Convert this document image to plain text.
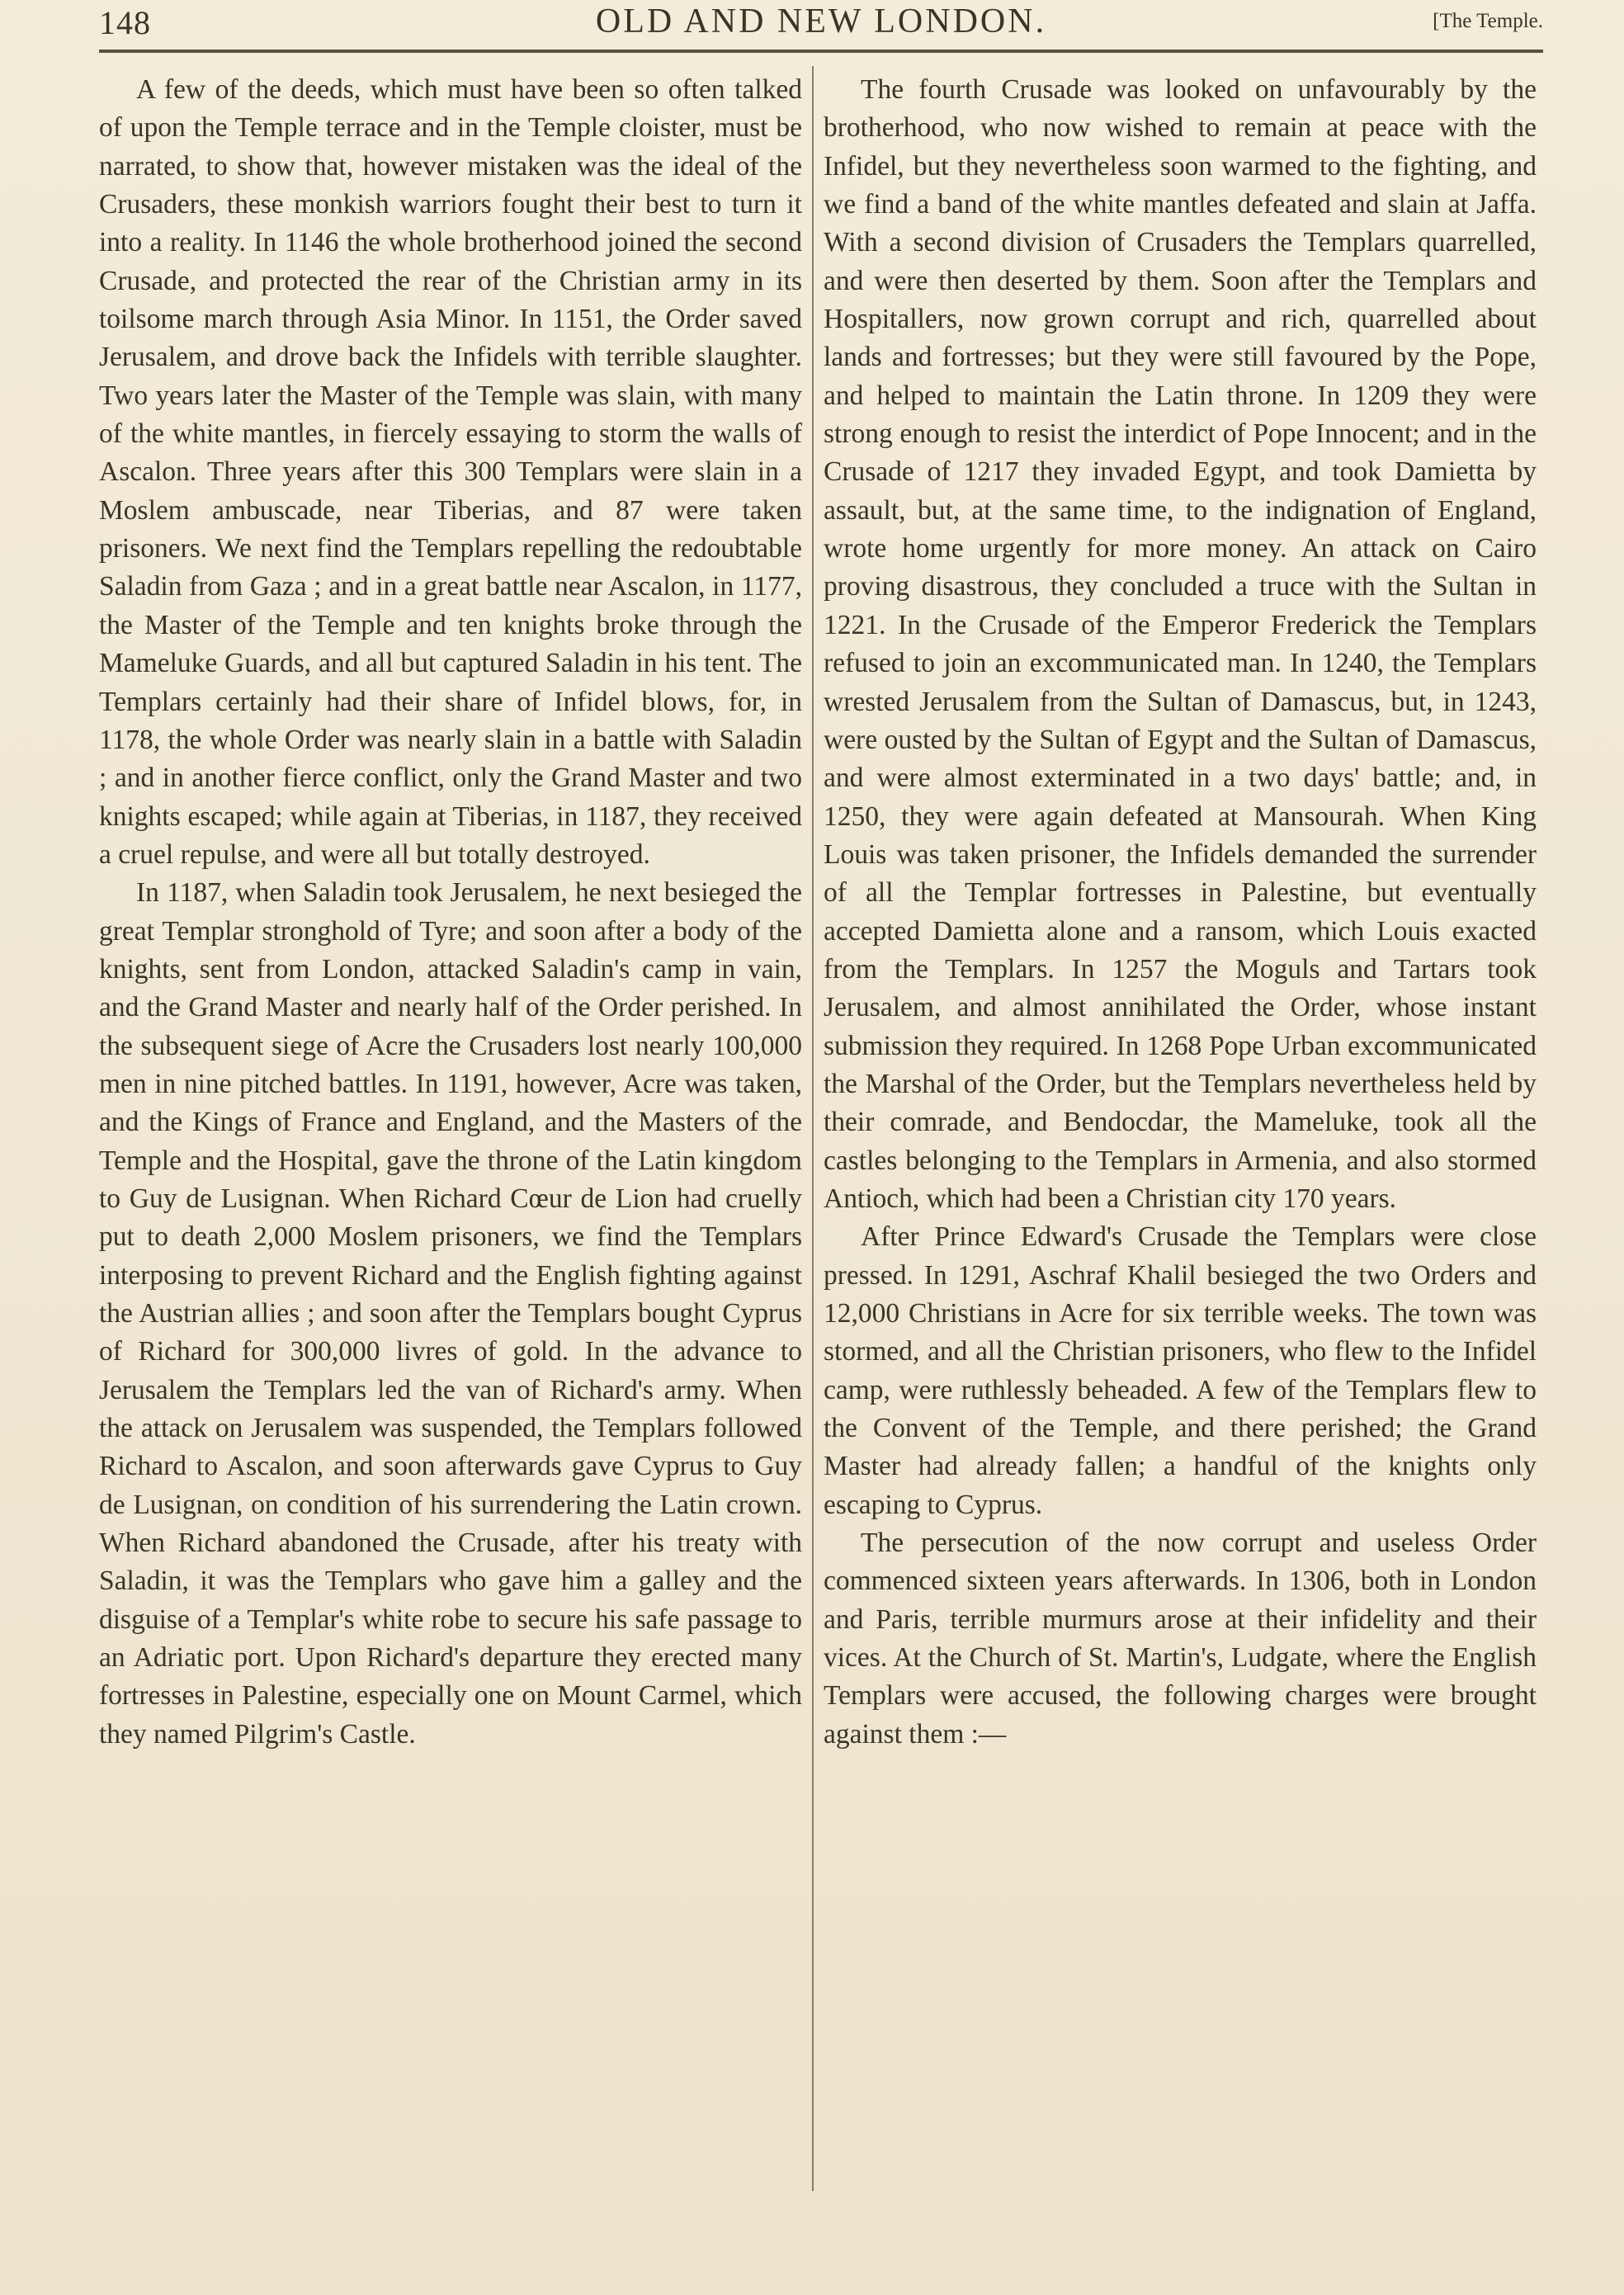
148	OLD AND NEW LONDON.	[The Temple.

A few of the deeds, which must have been so often talked of upon the Temple terrace and in the Temple cloister, must be narrated, to show that, however mistaken was the ideal of the Crusaders, these monkish warriors fought their best to turn it into a reality. In 1146 the whole brotherhood joined the second Crusade, and protected the rear of the Christian army in its toilsome march through Asia Minor. In 1151, the Order saved Jerusalem, and drove back the Infidels with terrible slaughter. Two years later the Master of the Temple was slain, with many of the white mantles, in fiercely essaying to storm the walls of Ascalon. Three years after this 300 Templars were slain in a Moslem ambuscade, near Tiberias, and 87 were taken prisoners. We next find the Templars repelling the redoubtable Saladin from Gaza ; and in a great battle near Ascalon, in 1177, the Master of the Temple and ten knights broke through the Mameluke Guards, and all but captured Saladin in his tent. The Templars certainly had their share of Infidel blows, for, in 1178, the whole Order was nearly slain in a battle with Saladin ; and in another fierce conflict, only the Grand Master and two knights escaped; while again at Tiberias, in 1187, they received a cruel repulse, and were all but totally destroyed.

In 1187, when Saladin took Jerusalem, he next besieged the great Templar stronghold of Tyre; and soon after a body of the knights, sent from London, attacked Saladin's camp in vain, and the Grand Master and nearly half of the Order perished. In the subsequent siege of Acre the Crusaders lost nearly 100,000 men in nine pitched battles. In 1191, however, Acre was taken, and the Kings of France and England, and the Masters of the Temple and the Hospital, gave the throne of the Latin kingdom to Guy de Lusignan. When Richard Cœur de Lion had cruelly put to death 2,000 Moslem prisoners, we find the Templars interposing to prevent Richard and the English fighting against the Austrian allies ; and soon after the Templars bought Cyprus of Richard for 300,000 livres of gold. In the advance to Jerusalem the Templars led the van of Richard's army. When the attack on Jerusalem was suspended, the Templars followed Richard to Ascalon, and soon afterwards gave Cyprus to Guy de Lusignan, on condition of his surrendering the Latin crown. When Richard abandoned the Crusade, after his treaty with Saladin, it was the Templars who gave him a galley and the disguise of a Templar's white robe to secure his safe passage to an Adriatic port. Upon Richard's departure they erected many fortresses in Palestine, especially one on Mount Carmel, which they named Pilgrim's Castle.

The fourth Crusade was looked on unfavourably by the brotherhood, who now wished to remain at peace with the Infidel, but they nevertheless soon warmed to the fighting, and we find a band of the white mantles defeated and slain at Jaffa. With a second division of Crusaders the Templars quarrelled, and were then deserted by them. Soon after the Templars and Hospitallers, now grown corrupt and rich, quarrelled about lands and fortresses; but they were still favoured by the Pope, and helped to maintain the Latin throne. In 1209 they were strong enough to resist the interdict of Pope Innocent; and in the Crusade of 1217 they invaded Egypt, and took Damietta by assault, but, at the same time, to the indignation of England, wrote home urgently for more money. An attack on Cairo proving disastrous, they concluded a truce with the Sultan in 1221. In the Crusade of the Emperor Frederick the Templars refused to join an excommunicated man. In 1240, the Templars wrested Jerusalem from the Sultan of Damascus, but, in 1243, were ousted by the Sultan of Egypt and the Sultan of Damascus, and were almost exterminated in a two days' battle; and, in 1250, they were again defeated at Mansourah. When King Louis was taken prisoner, the Infidels demanded the surrender of all the Templar fortresses in Palestine, but eventually accepted Damietta alone and a ransom, which Louis exacted from the Templars. In 1257 the Moguls and Tartars took Jerusalem, and almost annihilated the Order, whose instant submission they required. In 1268 Pope Urban excommunicated the Marshal of the Order, but the Templars nevertheless held by their comrade, and Bendocdar, the Mameluke, took all the castles belonging to the Templars in Armenia, and also stormed Antioch, which had been a Christian city 170 years.

After Prince Edward's Crusade the Templars were close pressed. In 1291, Aschraf Khalil besieged the two Orders and 12,000 Christians in Acre for six terrible weeks. The town was stormed, and all the Christian prisoners, who flew to the Infidel camp, were ruthlessly beheaded. A few of the Templars flew to the Convent of the Temple, and there perished; the Grand Master had already fallen; a handful of the knights only escaping to Cyprus.

The persecution of the now corrupt and useless Order commenced sixteen years afterwards. In 1306, both in London and Paris, terrible murmurs arose at their infidelity and their vices. At the Church of St. Martin's, Ludgate, where the English Templars were accused, the following charges were brought against them :—
